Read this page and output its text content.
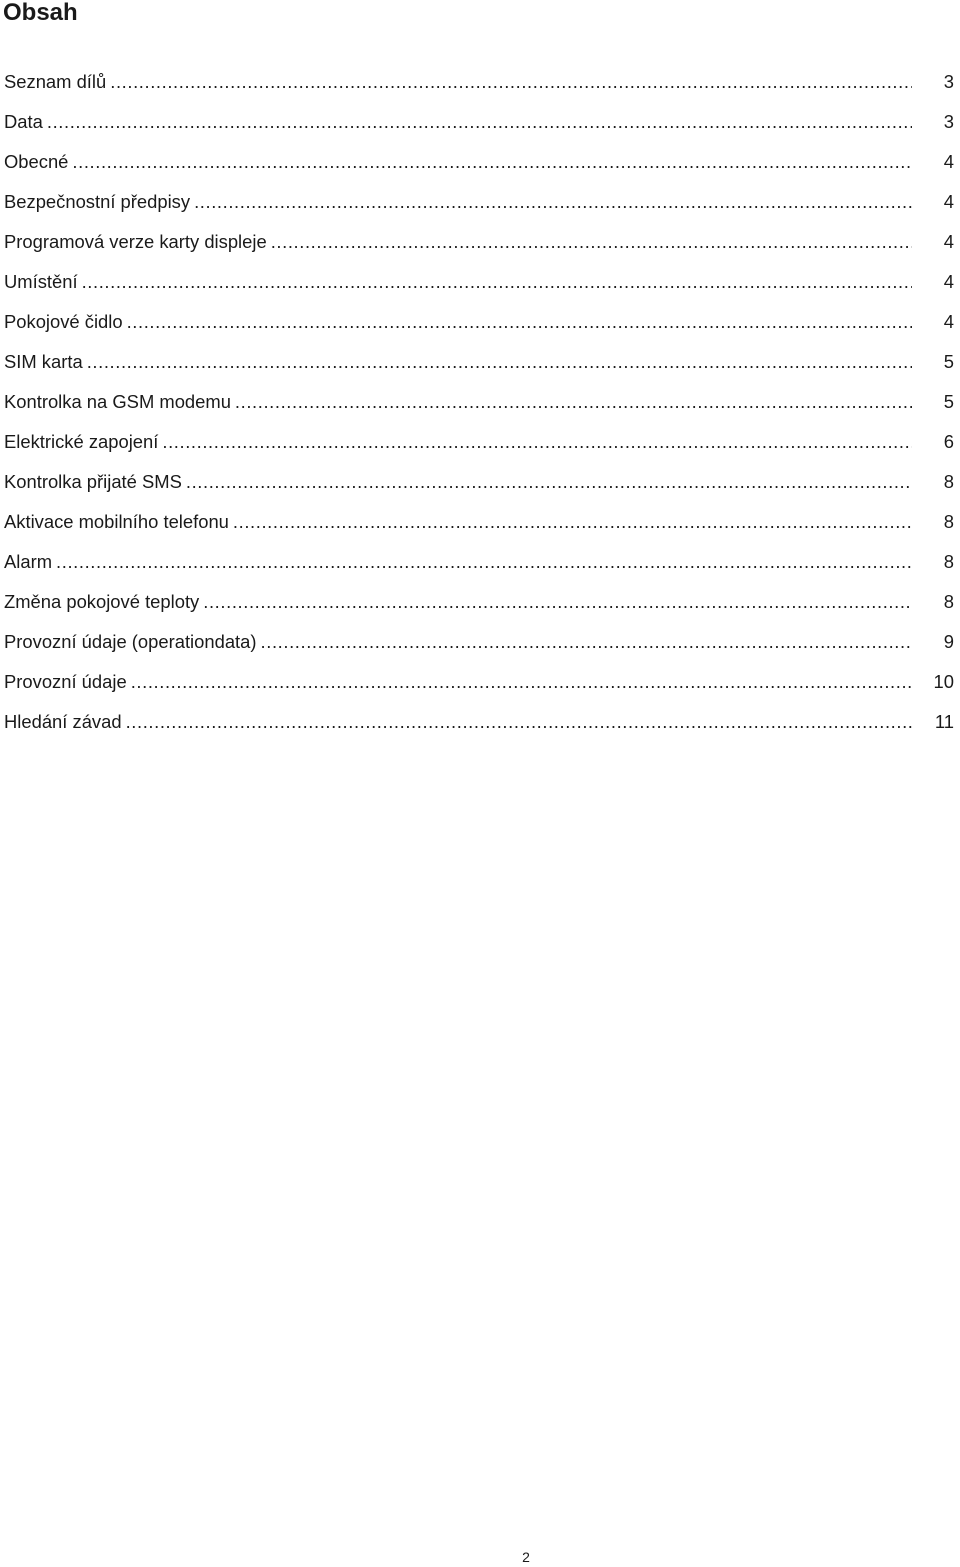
Obsah
Seznam dílů .....	3
Data .....	3
Obecné .....	4
Bezpečnostní předpisy .....	4
Programová verze karty displeje .....	4
Umístění .....	4
Pokojové čidlo .....	4
SIM karta .....	5
Kontrolka na GSM modemu .....	5
Elektrické zapojení .....	6
Kontrolka přijaté SMS .....	8
Aktivace mobilního telefonu .....	8
Alarm .....	8
Změna pokojové teploty .....	8
Provozní údaje (operationdata) .....	9
Provozní údaje .....	10
Hledání závad .....	11
2
